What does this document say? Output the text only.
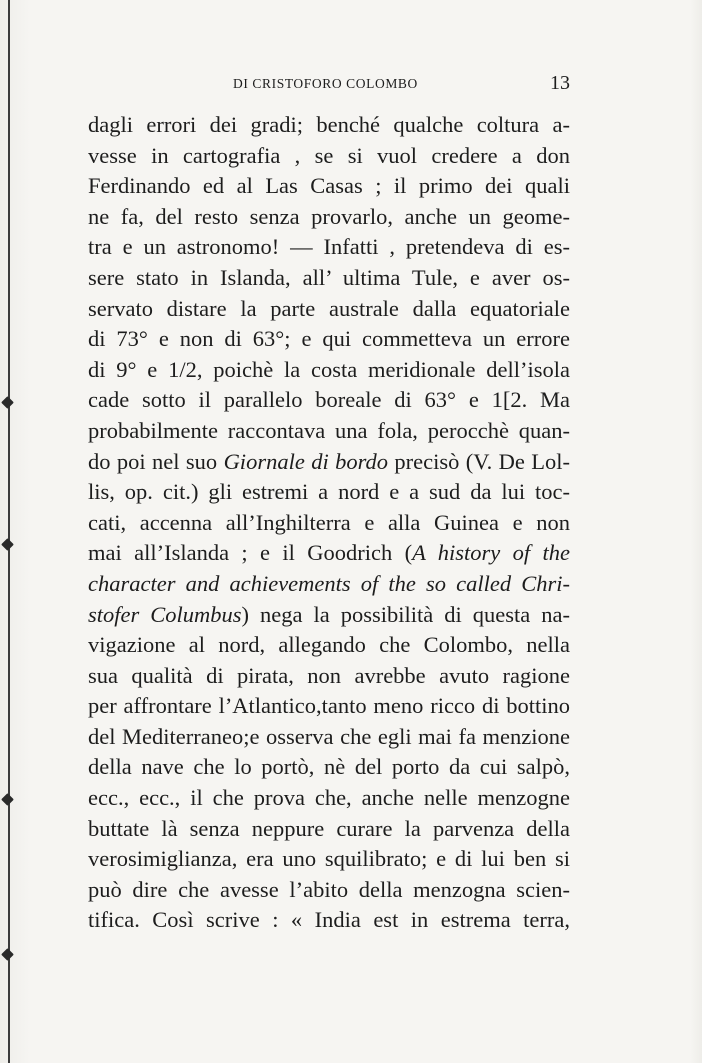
DI CRISTOFORO COLOMBO	13
dagli errori dei gradi; benché qualche coltura a-
vesse in cartografia , se si vuol credere a don
Ferdinando ed al Las Casas ; il primo dei quali
ne fa, del resto senza provarlo, anche un geome-
tra e un astronomo! — Infatti , pretendeva di es-
sere stato in Islanda, all’ ultima Tule, e aver os-
servato distare la parte australe dalla equatoriale
di 73° e non di 63°; e qui commetteva un errore
di 9° e 1/2, poichè la costa meridionale dell’isola
cade sotto il parallelo boreale di 63° e 1[2. Ma
probabilmente raccontava una fola, perocchè quan-
do poi nel suo Giornale di bordo precisò (V. De Lol-
lis, op. cit.) gli estremi a nord e a sud da lui toc-
cati, accenna all’Inghilterra e alla Guinea e non
mai all’Islanda ; e il Goodrich (A history of the
character and achievements of the so called Chri-
stofer Columbus) nega la possibilità di questa na-
vigazione al nord, allegando che Colombo, nella
sua qualità di pirata, non avrebbe avuto ragione
per affrontare l’Atlantico,tanto meno ricco di bottino
del Mediterraneo;e osserva che egli mai fa menzione
della nave che lo portò, nè del porto da cui salpò,
ecc., ecc., il che prova che, anche nelle menzogne
buttate là senza neppure curare la parvenza della
verosimiglianza, era uno squilibrato; e di lui ben si
può dire che avesse l’abito della menzogna scien-
tifica. Così scrive : « India est in estrema terra,
